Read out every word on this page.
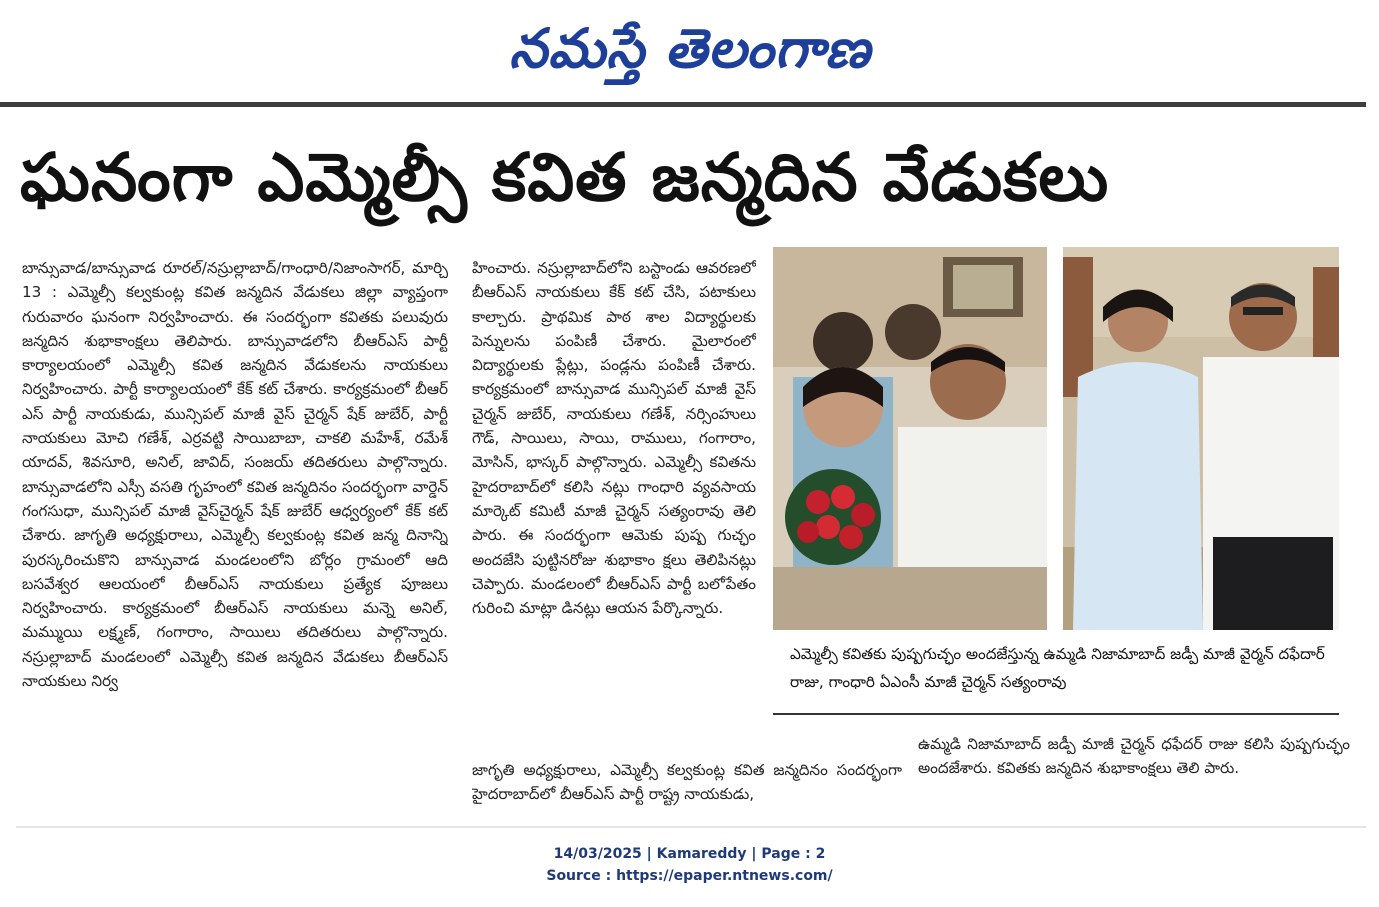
నమస్తే తెలంగాణ
ఘనంగా ఎమ్మెల్సీ కవిత జన్మదిన వేడుకలు

బాన్సువాడ/బాన్సువాడ రూరల్/నస్రుల్లాబాద్/గాంధారి/నిజాంసాగర్, మార్చి 13 : ఎమ్మెల్సీ కల్వకుంట్ల కవిత జన్మదిన వేడుకలు జిల్లా వ్యాప్తంగా గురువారం ఘనంగా నిర్వహించారు. ఈ సందర్భంగా కవితకు పలువురు జన్మదిన శుభాకాంక్షలు తెలిపారు. బాన్సువాడలోని బీఆర్ఎస్ పార్టీ కార్యాలయంలో ఎమ్మెల్సీ కవిత జన్మదిన వేడుకలను నాయకులు నిర్వహించారు. పార్టీ కార్యాలయంలో కేక్ కట్ చేశారు. కార్యక్రమంలో బీఆర్ ఎస్ పార్టీ నాయకుడు, మున్సిపల్ మాజీ వైస్ చైర్మన్ షేక్ జుబేర్, పార్టీ నాయకులు మోచి గణేశ్, ఎర్రవట్టి సాయిబాబా, చాకలి మహేశ్, రమేశ్ యాదవ్, శివసూరి, అనిల్, జావిద్, సంజయ్ తదితరులు పాల్గొన్నారు. బాన్సువాడలోని ఎస్సీ వసతి గృహంలో కవిత జన్మదినం సందర్భంగా వార్డెన్ గంగసుధా, మున్సిపల్ మాజీ వైస్‌చైర్మన్ షేక్ జుబేర్ ఆధ్వర్యంలో కేక్ కట్ చేశారు. జాగృతి అధ్యక్షురాలు, ఎమ్మెల్సీ కల్వకుంట్ల కవిత జన్మ దినాన్ని పురస్కరించుకొని బాన్సువాడ మండలంలోని బోర్లం గ్రామంలో ఆది బసవేశ్వర ఆలయంలో బీఆర్ఎస్ నాయకులు ప్రత్యేక పూజలు నిర్వహించారు. కార్యక్రమంలో బీఆర్ఎస్ నాయకులు మన్నె అనిల్, మమ్ముయి లక్ష్మణ్, గంగారాం, సాయిలు తదితరులు పాల్గొన్నారు. నస్రుల్లాబాద్ మండలంలో ఎమ్మెల్సీ కవిత జన్మదిన వేడుకలు బీఆర్ఎస్ నాయకులు నిర్వ

హించారు. నస్రుల్లాబాద్‌లోని బస్టాండు ఆవరణలో బీఆర్ఎస్ నాయకులు కేక్ కట్ చేసి, పటాకులు కాల్చారు. ప్రాథమిక పాఠ శాల విద్యార్థులకు పెన్నులను పంపిణీ చేశారు. మైలారంలో విద్యార్థులకు ప్లేట్లు, పండ్లను పంపిణీ చేశారు. కార్యక్రమంలో బాన్సువాడ మున్సిపల్ మాజీ వైస్ చైర్మన్ జుబేర్, నాయకులు గణేశ్, నర్సింహులు గౌడ్, సాయిలు, సాయి, రాములు, గంగారాం, మోసిన్, భాస్కర్ పాల్గొన్నారు. ఎమ్మెల్సీ కవితను హైదరాబాద్‌లో కలిసి నట్లు గాంధారి వ్యవసాయ మార్కెట్ కమిటీ మాజీ చైర్మన్ సత్యంరావు తెలి పారు. ఈ సందర్భంగా ఆమెకు పుష్ప గుచ్ఛం అందజేసి పుట్టినరోజు శుభాకాం క్షలు తెలిపినట్లు చెప్పారు. మండలంలో బీఆర్ఎస్ పార్టీ బలోపేతం గురించి మాట్లా డినట్లు ఆయన పేర్కొన్నారు.

జాగృతి అధ్యక్షురాలు, ఎమ్మెల్సీ కల్వకుంట్ల కవిత జన్మదినం సందర్భంగా హైదరాబాద్‌లో బీఆర్ఎస్ పార్టీ రాష్ట్ర నాయకుడు,

ఉమ్మడి నిజామాబాద్ జడ్పీ మాజీ చైర్మన్ ధఫేదర్ రాజు కలిసి పుష్పగుచ్ఛం అందజేశారు. కవితకు జన్మదిన శుభాకాంక్షలు తెలి పారు.

ఎమ్మెల్సీ కవితకు పుష్పగుచ్ఛం అందజేస్తున్న ఉమ్మడి నిజామాబాద్ జడ్పీ మాజీ వైర్మన్ దఫేదార్ రాజు, గాంధారి ఏఎంసీ మాజీ చైర్మన్ సత్యంరావు
14/03/2025 | Kamareddy | Page : 2
Source : https://epaper.ntnews.com/
